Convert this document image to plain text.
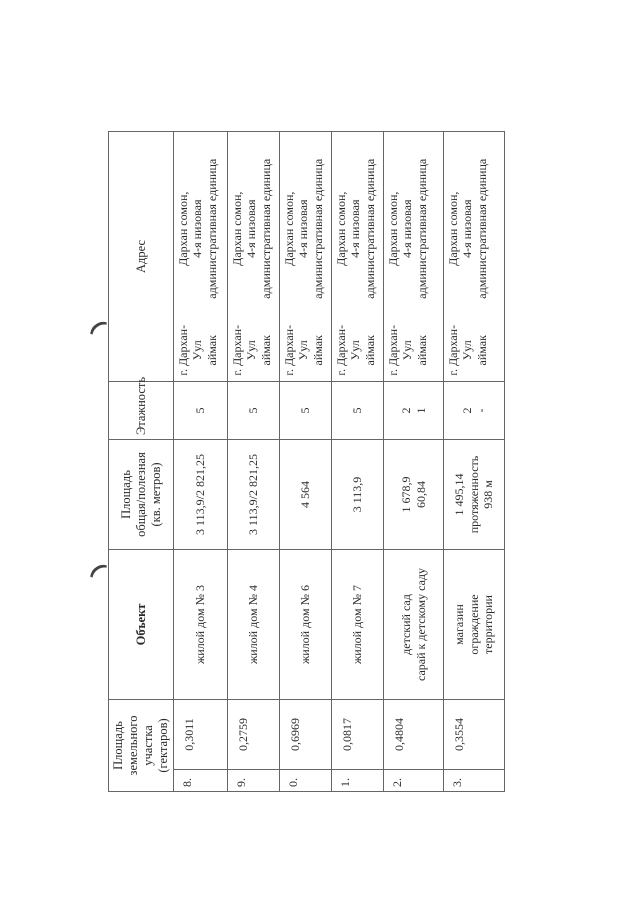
Площадь
земельного
участка
(гектаров)		Объект	Площадь
общая/полезная
(кв. метров)	Этажность	Адрес	
8.	0,3011	жилой дом № 3	3 113,9/2 821,25	5	г. Дархан-
Уул
аймак	Дархан сомон,
4-я низовая
административная единица
9.	0,2759	жилой дом № 4	3 113,9/2 821,25	5	г. Дархан-
Уул
аймак	Дархан сомон,
4-я низовая
административная единица
0.	0,6969	жилой дом № 6	4 564	5	г. Дархан-
Уул
аймак	Дархан сомон,
4-я низовая
административная единица
1.	0,0817	жилой дом № 7	3 113,9	5	г. Дархан-
Уул
аймак	Дархан сомон,
4-я низовая
административная единица
2.	0,4804	детский сад
сарай к детскому саду	1 678,9
60,84	2
1	г. Дархан-
Уул
аймак	Дархан сомон,
4-я низовая
административная единица
3.	0,3554	магазин
ограждение
территории	1 495,14
протяженность
938 м	2
-	г. Дархан-
Уул
аймак	Дархан сомон,
4-я низовая
административная единица
